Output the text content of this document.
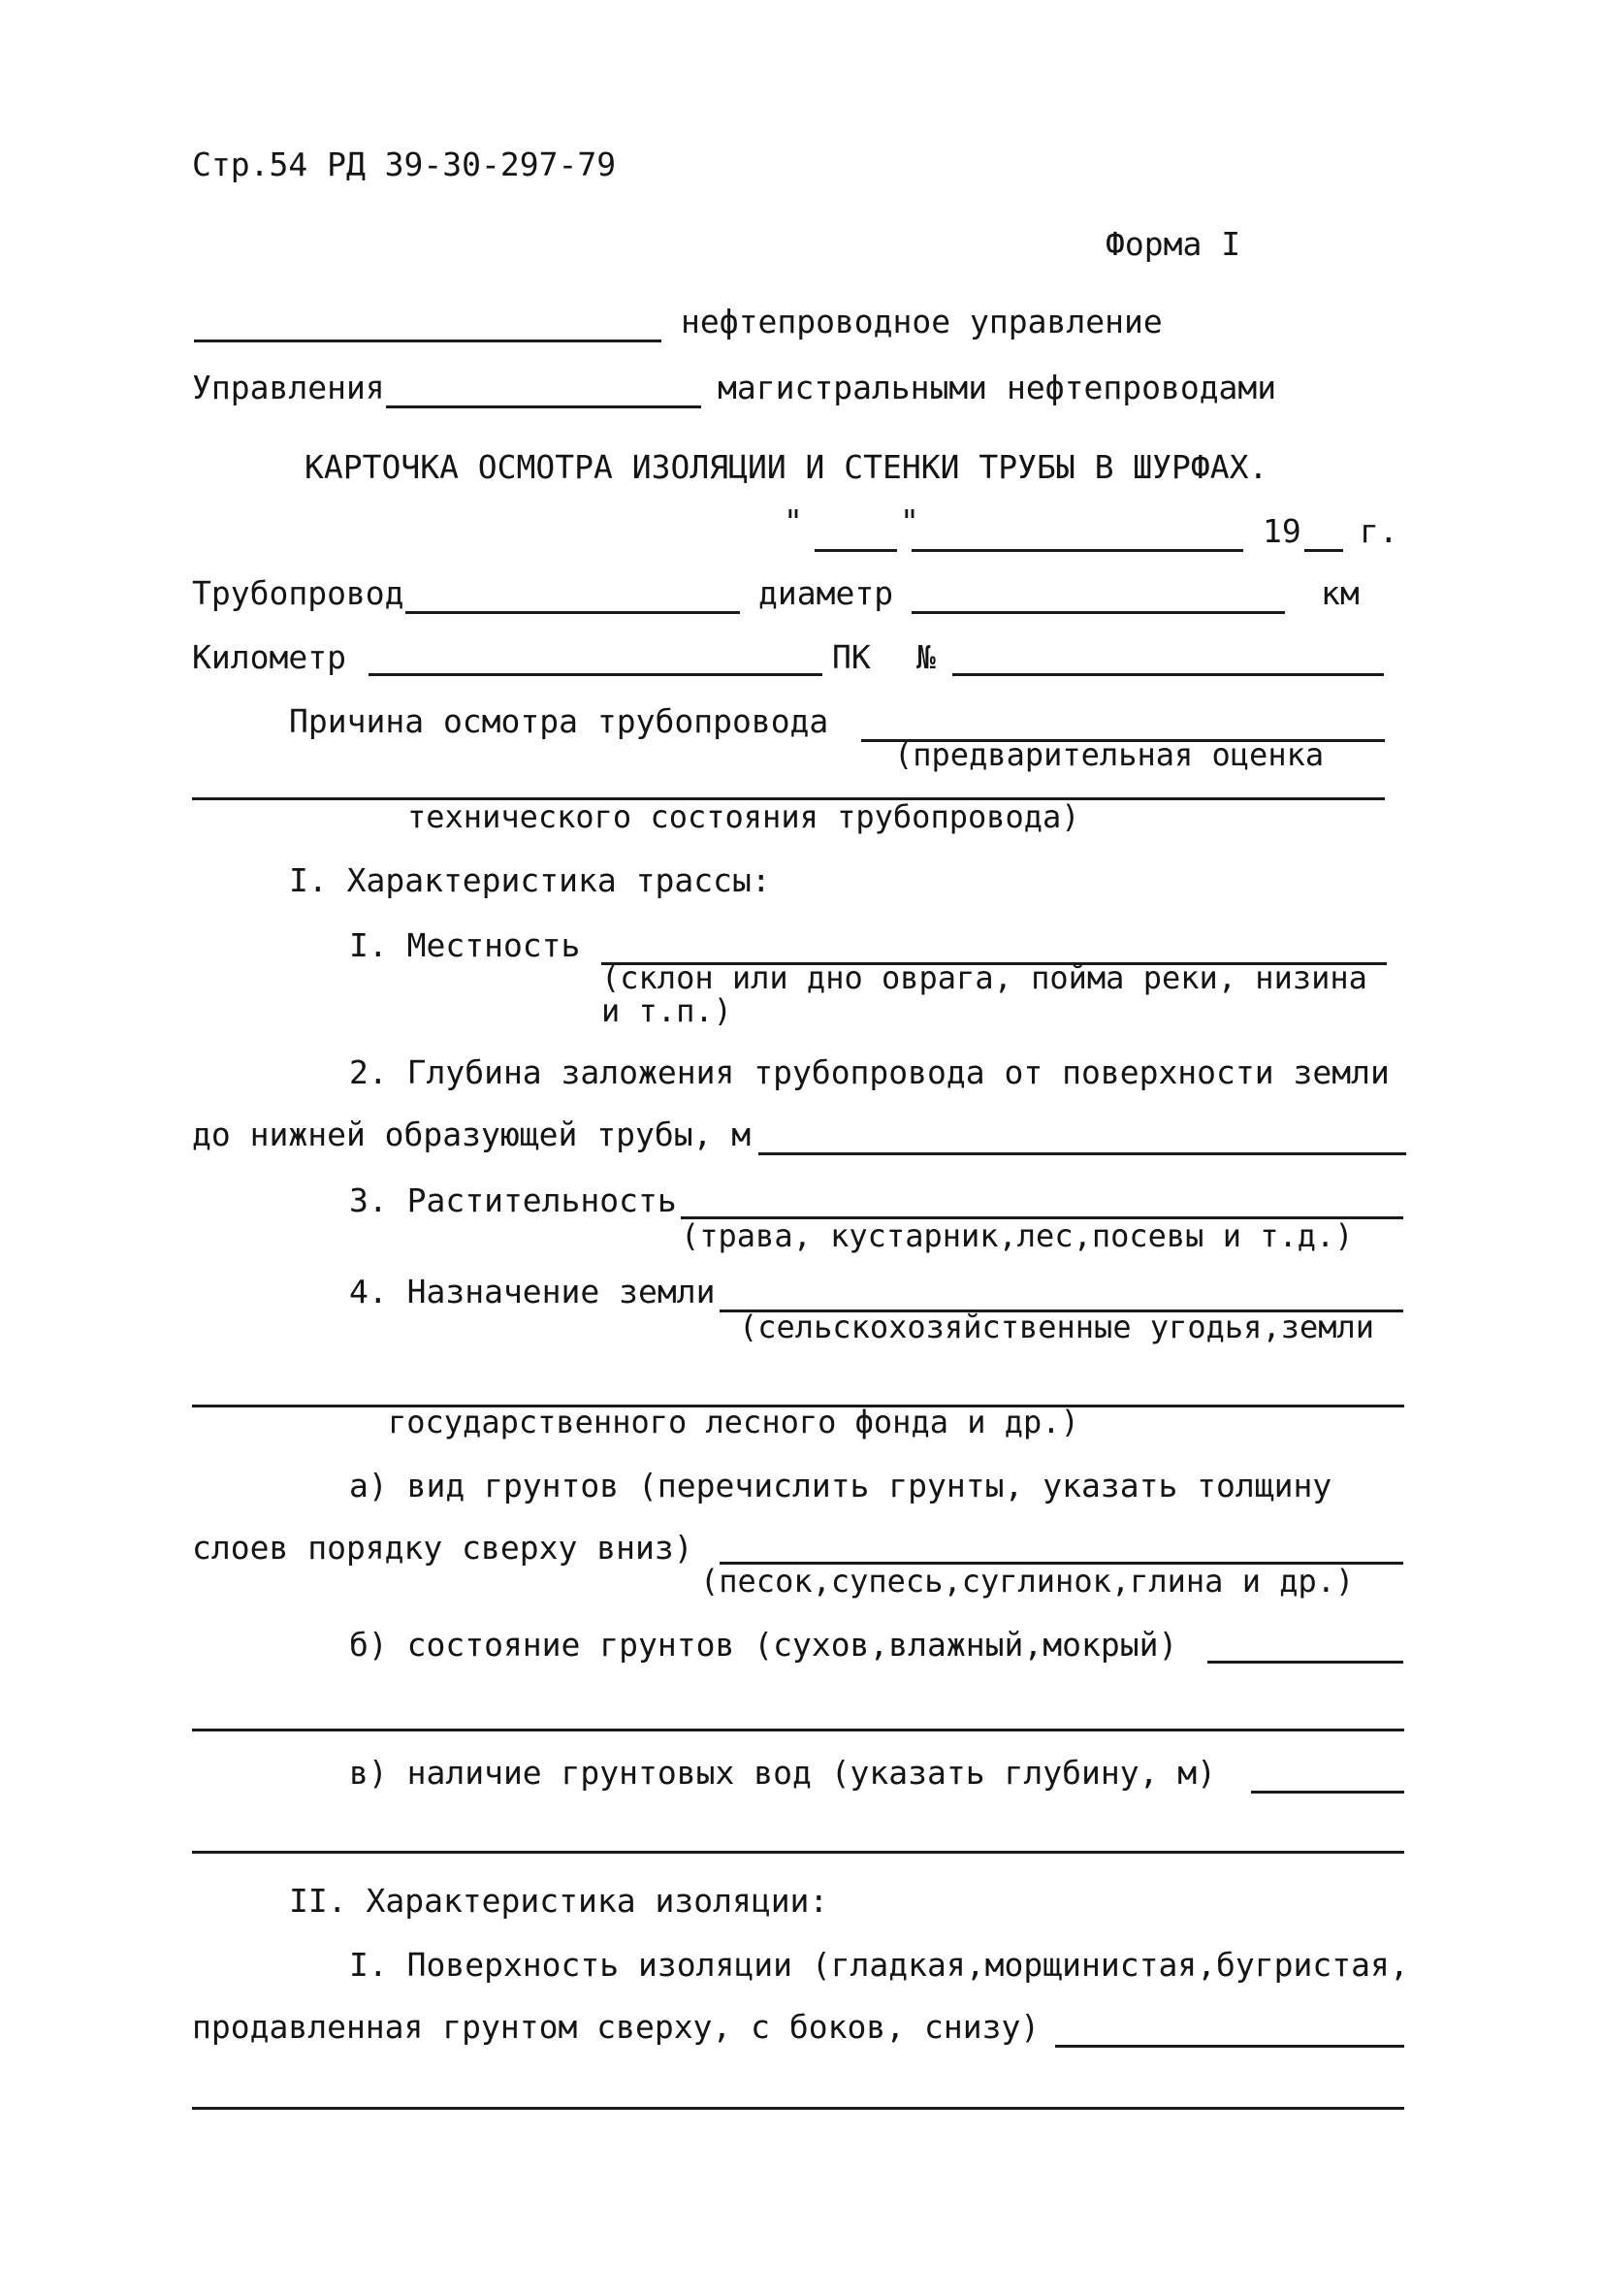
Стр.54 РД 39-30-297-79
Форма I
нефтепроводное управление
Управления	магистральными нефтепроводами
КАРТОЧКА ОСМОТРА ИЗОЛЯЦИИ И СТЕНКИ ТРУБЫ В ШУРФАХ.
"	"	19 г.
Трубопровод	диаметр	км
Километр	ПК №
Причина осмотра трубопровода
(предварительная оценка
технического состояния трубопровода)
I. Характеристика трассы:
I. Местность
(склон или дно оврага, пойма реки, низина
и т.п.)
2. Глубина заложения трубопровода от поверхности земли
до нижней образующей трубы, м
3. Растительность
(трава, кустарник,лес,посевы и т.д.)
4. Назначение земли
(сельскохозяйственные угодья,земли
государственного лесного фонда и др.)
а) вид грунтов (перечислить грунты, указать толщину
слоев порядку сверху вниз)
(песок,супесь,суглинок,глина и др.)
б) состояние грунтов (сухов,влажный,мокрый)
в) наличие грунтовых вод (указать глубину, м)
II. Характеристика изоляции:
I. Поверхность изоляции (гладкая,морщинистая,бугристая,
продавленная грунтом сверху, с боков, снизу)
